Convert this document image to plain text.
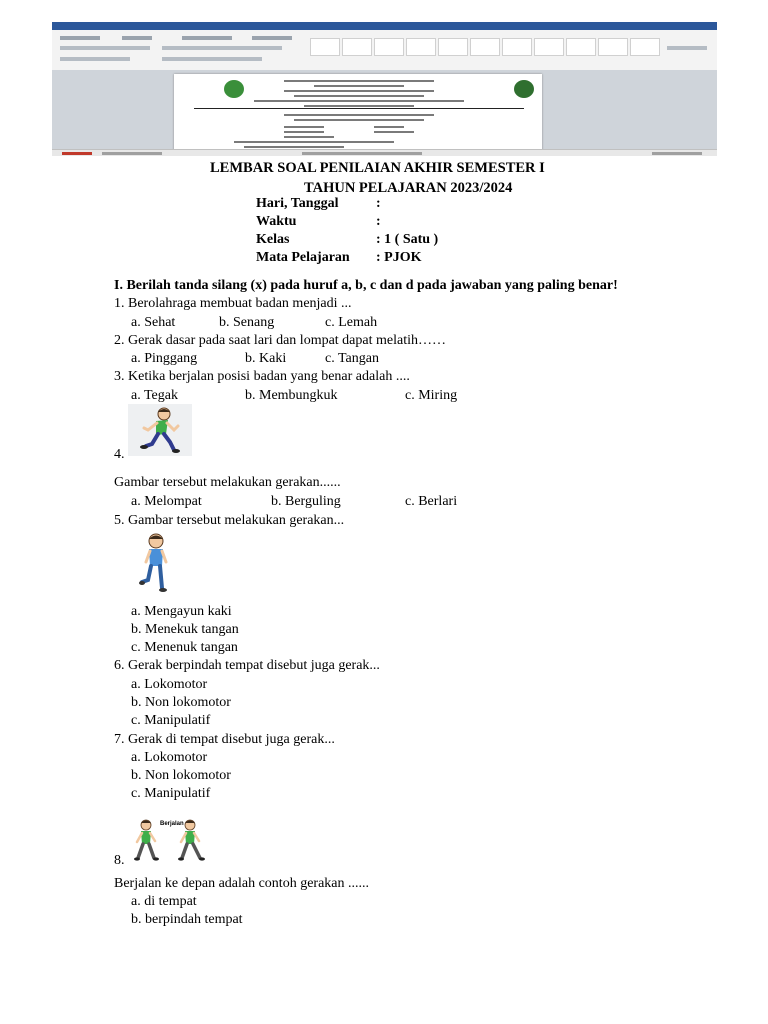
LEMBAR SOAL PENILAIAN AKHIR SEMESTER I
TAHUN PELAJARAN 2023/2024
Hari, Tanggal	:
Waktu	:
Kelas	: 1 ( Satu )
Mata Pelajaran : PJOK
I. Berilah tanda silang (x) pada huruf a, b, c dan d pada jawaban yang paling benar!
1. Berolahraga membuat badan menjadi ...
a. Sehat	b. Senang	c. Lemah
2. Gerak dasar pada saat lari dan lompat dapat melatih……
a. Pinggang	b. Kaki	c. Tangan
3. Ketika berjalan posisi badan yang benar adalah ....
a. Tegak	b. Membungkuk	c. Miring
4.
Gambar tersebut melakukan gerakan......
a. Melompat	b. Berguling	c. Berlari
5. Gambar tersebut melakukan gerakan...
a. Mengayun kaki
b. Menekuk tangan
c. Menenuk tangan
6. Gerak berpindah tempat disebut juga gerak...
a. Lokomotor
b. Non lokomotor
c. Manipulatif
7. Gerak di tempat disebut juga gerak...
a. Lokomotor
b. Non lokomotor
c. Manipulatif
Berjalan
8.
Berjalan ke depan adalah contoh gerakan ......
a. di tempat
b. berpindah tempat
